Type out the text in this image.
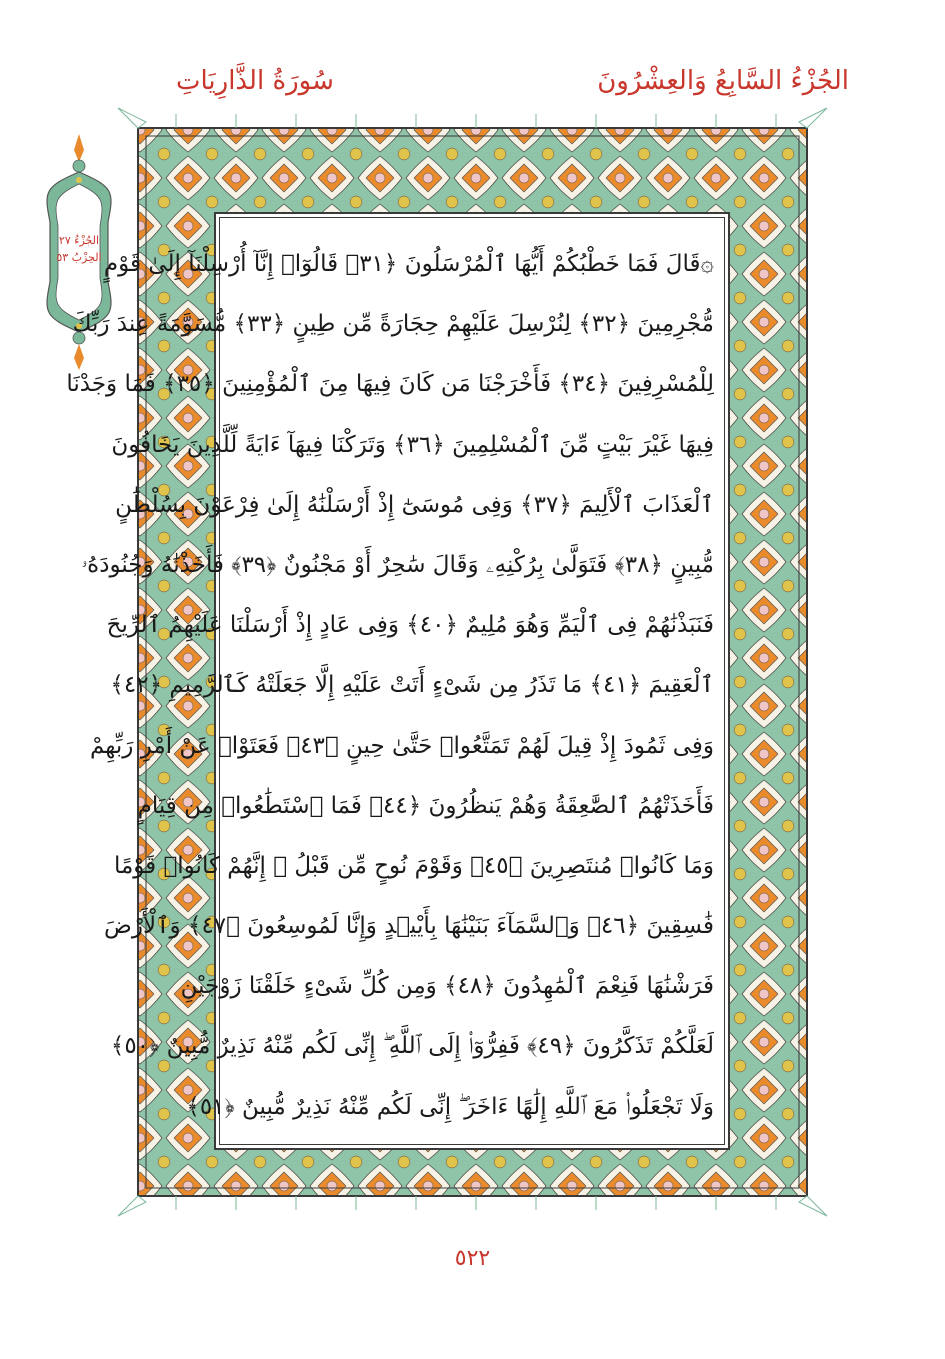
الجُزْءُ السَّابِعُ وَالعِشْرُونَ
سُورَةُ الذَّارِيَاتِ
الجُزْءُ ٢٧
الحِزْبُ ٥٣ ۞قَالَ فَمَا خَطْبُكُمْ أَيُّهَا ٱلْمُرْسَلُونَ ﴿٣١﴾ قَالُوٓا۟ إِنَّآ أُرْسِلْنَآ إِلَىٰ قَوْمٍ
مُّجْرِمِينَ ﴿٣٢﴾ لِنُرْسِلَ عَلَيْهِمْ حِجَارَةً مِّن طِينٍ ﴿٣٣﴾ مُّسَوَّمَةً عِندَ رَبِّكَ
لِلْمُسْرِفِينَ ﴿٣٤﴾ فَأَخْرَجْنَا مَن كَانَ فِيهَا مِنَ ٱلْمُؤْمِنِينَ ﴿٣٥﴾ فَمَا وَجَدْنَا
فِيهَا غَيْرَ بَيْتٍ مِّنَ ٱلْمُسْلِمِينَ ﴿٣٦﴾ وَتَرَكْنَا فِيهَآ ءَايَةً لِّلَّذِينَ يَخَافُونَ
ٱلْعَذَابَ ٱلْأَلِيمَ ﴿٣٧﴾ وَفِى مُوسَىٰٓ إِذْ أَرْسَلْنَٰهُ إِلَىٰ فِرْعَوْنَ بِسُلْطَٰنٍ
مُّبِينٍ ﴿٣٨﴾ فَتَوَلَّىٰ بِرُكْنِهِۦ وَقَالَ سَٰحِرٌ أَوْ مَجْنُونٌ ﴿٣٩﴾ فَأَخَذْنَٰهُ وَجُنُودَهُۥ
فَنَبَذْنَٰهُمْ فِى ٱلْيَمِّ وَهُوَ مُلِيمٌ ﴿٤٠﴾ وَفِى عَادٍ إِذْ أَرْسَلْنَا عَلَيْهِمُ ٱلرِّيحَ
ٱلْعَقِيمَ ﴿٤١﴾ مَا تَذَرُ مِن شَىْءٍ أَتَتْ عَلَيْهِ إِلَّا جَعَلَتْهُ كَٱلرَّمِيمِ ﴿٤٢﴾
وَفِى ثَمُودَ إِذْ قِيلَ لَهُمْ تَمَتَّعُوا۟ حَتَّىٰ حِينٍ ﴿٤٣﴾ فَعَتَوْا۟ عَنْ أَمْرِ رَبِّهِمْ
فَأَخَذَتْهُمُ ٱلصَّٰعِقَةُ وَهُمْ يَنظُرُونَ ﴿٤٤﴾ فَمَا ٱسْتَطَٰعُوا۟ مِن قِيَامٍ
وَمَا كَانُوا۟ مُنتَصِرِينَ ﴿٤٥﴾ وَقَوْمَ نُوحٍ مِّن قَبْلُ ۖ إِنَّهُمْ كَانُوا۟ قَوْمًا
فَٰسِقِينَ ﴿٤٦﴾ وَٱلسَّمَآءَ بَنَيْنَٰهَا بِأَيْي۟دٍ وَإِنَّا لَمُوسِعُونَ ﴿٤٧﴾ وَٱلْأَرْضَ
فَرَشْنَٰهَا فَنِعْمَ ٱلْمَٰهِدُونَ ﴿٤٨﴾ وَمِن كُلِّ شَىْءٍ خَلَقْنَا زَوْجَيْنِ
لَعَلَّكُمْ تَذَكَّرُونَ ﴿٤٩﴾ فَفِرُّوٓا۟ إِلَى ٱللَّهِ ۖ إِنِّى لَكُم مِّنْهُ نَذِيرٌ مُّبِينٌ ﴿٥٠﴾
وَلَا تَجْعَلُوا۟ مَعَ ٱللَّهِ إِلَٰهًا ءَاخَرَ ۖ إِنِّى لَكُم مِّنْهُ نَذِيرٌ مُّبِينٌ ﴿٥١﴾
٥٢٢
